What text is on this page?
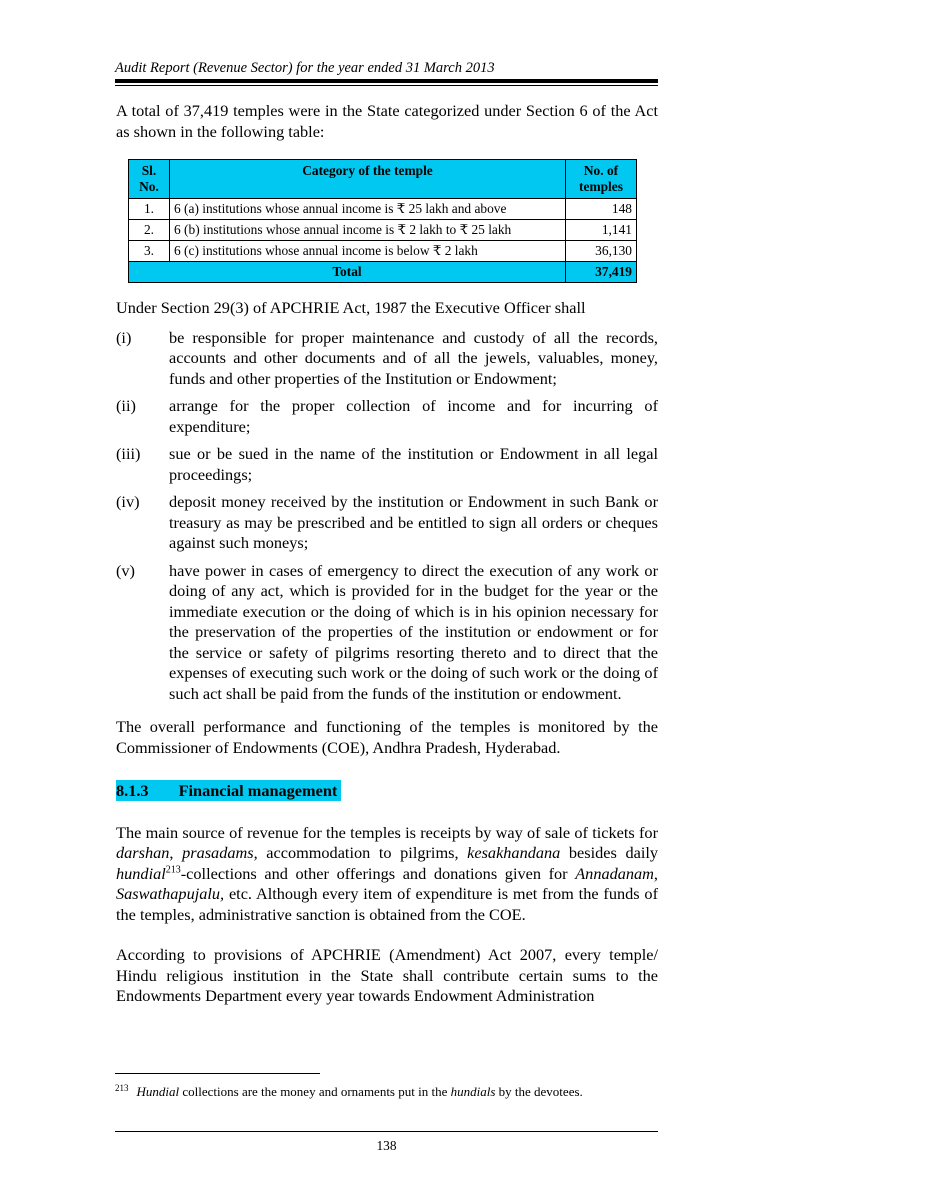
Audit Report (Revenue Sector) for the year ended 31 March 2013

A total of 37,419 temples were in the State categorized under Section 6 of the Act as shown in the following table:

Sl. No.	Category of the temple	No. of temples
1.	6 (a) institutions whose annual income is ₹ 25 lakh and above	148
2.	6 (b) institutions whose annual income is ₹ 2 lakh to ₹ 25 lakh	1,141
3.	6 (c) institutions whose annual income is below ₹ 2 lakh	36,130
Total		37,419

Under Section 29(3) of APCHRIE Act, 1987 the Executive Officer shall

(i)	be responsible for proper maintenance and custody of all the records, accounts and other documents and of all the jewels, valuables, money, funds and other properties of the Institution or Endowment;
(ii)	arrange for the proper collection of income and for incurring of expenditure;
(iii)	sue or be sued in the name of the institution or Endowment in all legal proceedings;
(iv)	deposit money received by the institution or Endowment in such Bank or treasury as may be prescribed and be entitled to sign all orders or cheques against such moneys;
(v)	have power in cases of emergency to direct the execution of any work or doing of any act, which is provided for in the budget for the year or the immediate execution or the doing of which is in his opinion necessary for the preservation of the properties of the institution or endowment or for the service or safety of pilgrims resorting thereto and to direct that the expenses of executing such work or the doing of such work or the doing of such act shall be paid from the funds of the institution or endowment.

The overall performance and functioning of the temples is monitored by the Commissioner of Endowments (COE), Andhra Pradesh, Hyderabad.

8.1.3 Financial management

The main source of revenue for the temples is receipts by way of sale of tickets for darshan, prasadams, accommodation to pilgrims, kesakhandana besides daily hundial$^{213}$-collections and other offerings and donations given for Annadanam, Saswathapujalu, etc. Although every item of expenditure is met from the funds of the temples, administrative sanction is obtained from the COE.

According to provisions of APCHRIE (Amendment) Act 2007, every temple/ Hindu religious institution in the State shall contribute certain sums to the Endowments Department every year towards Endowment Administration

$^{213}$ Hundial collections are the money and ornaments put in the hundials by the devotees.
138
